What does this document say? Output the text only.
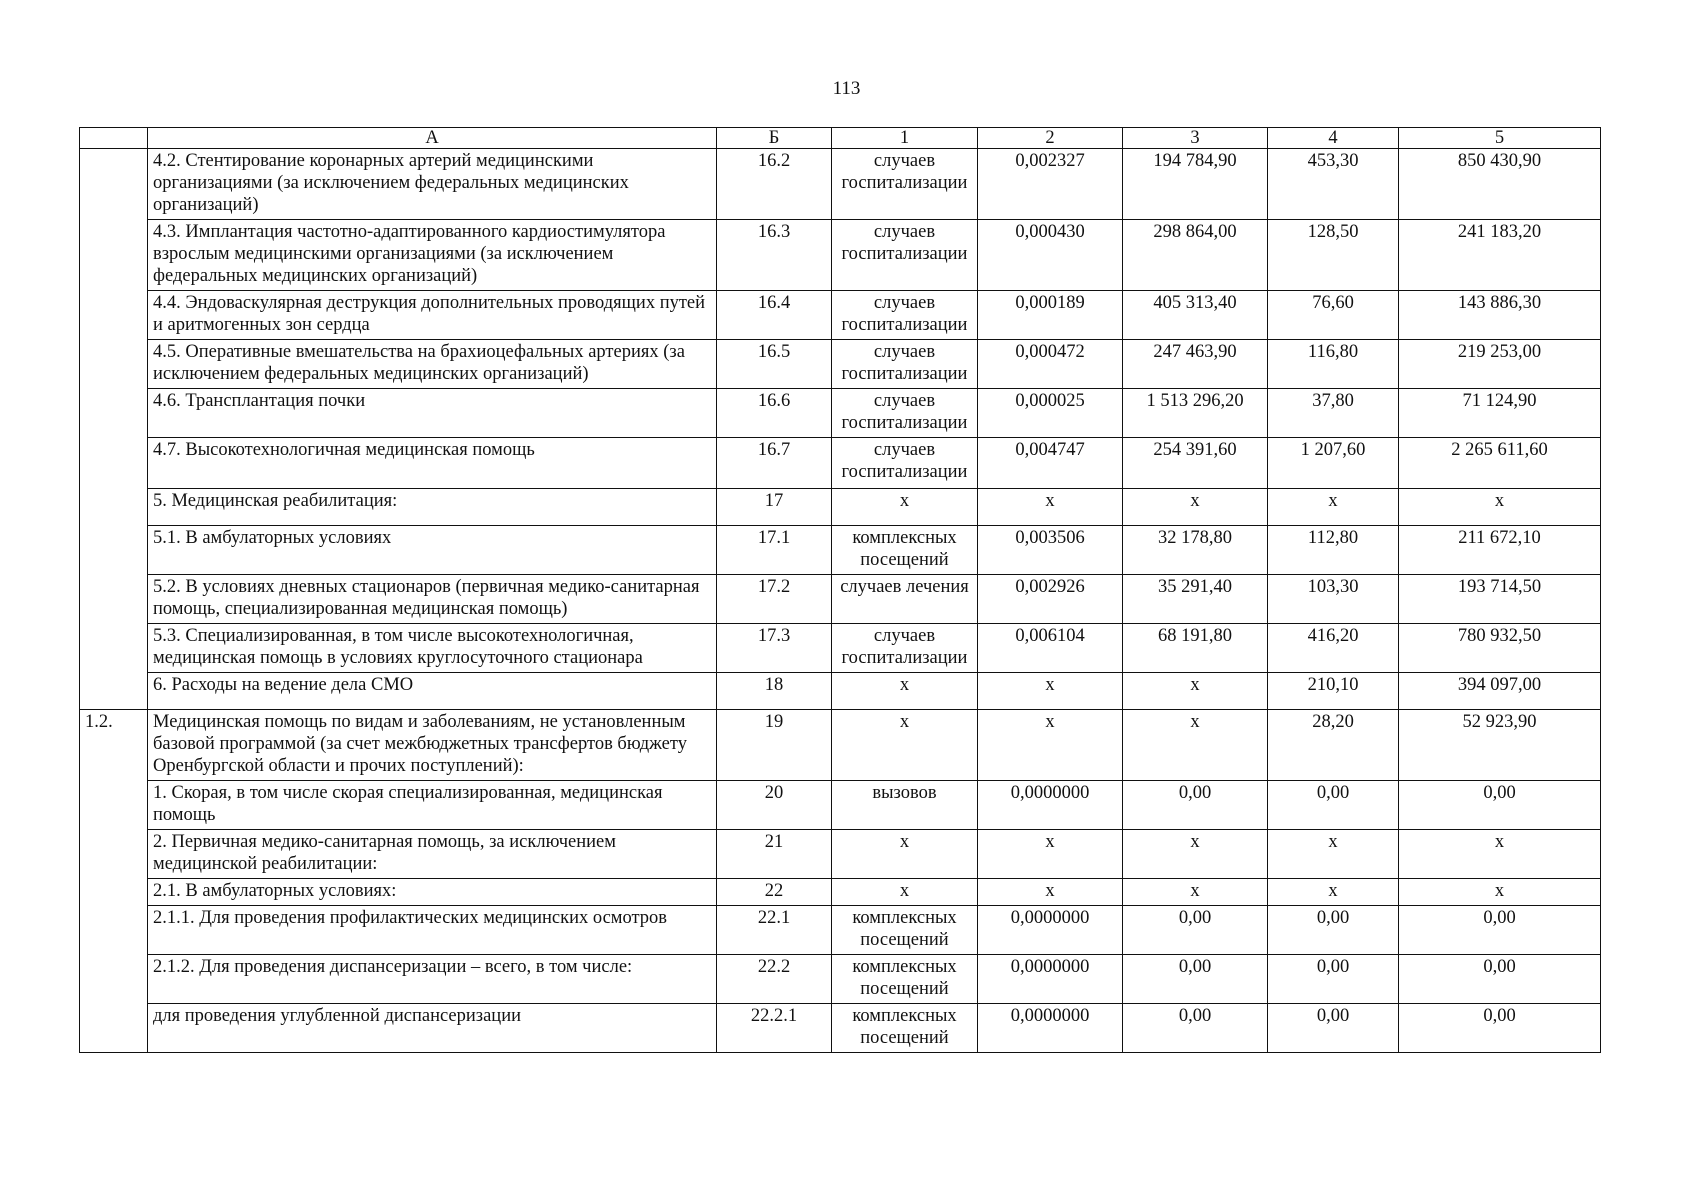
113
	А	Б	1	2	3	4	5
	4.2. Стентирование коронарных артерий медицинскими организациями (за исключением федеральных медицинских организаций)	16.2	случаев госпитализации	0,002327	194 784,90	453,30	850 430,90
	4.3. Имплантация частотно-адаптированного кардиостимулятора взрослым медицинскими организациями (за исключением федеральных медицинских организаций)	16.3	случаев госпитализации	0,000430	298 864,00	128,50	241 183,20
	4.4. Эндоваскулярная деструкция дополнительных проводящих путей и аритмогенных зон сердца	16.4	случаев госпитализации	0,000189	405 313,40	76,60	143 886,30
	4.5. Оперативные вмешательства на брахиоцефальных артериях (за исключением федеральных медицинских организаций)	16.5	случаев госпитализации	0,000472	247 463,90	116,80	219 253,00
	4.6. Трансплантация почки	16.6	случаев госпитализации	0,000025	1 513 296,20	37,80	71 124,90
	4.7. Высокотехнологичная медицинская помощь	16.7	случаев госпитализации	0,004747	254 391,60	1 207,60	2 265 611,60
	5. Медицинская реабилитация:	17	х	х	х	х	х
	5.1. В амбулаторных условиях	17.1	комплексных посещений	0,003506	32 178,80	112,80	211 672,10
	5.2. В условиях дневных стационаров (первичная медико-санитарная помощь, специализированная медицинская помощь)	17.2	случаев лечения	0,002926	35 291,40	103,30	193 714,50
	5.3. Специализированная, в том числе высокотехнологичная, медицинская помощь в условиях круглосуточного стационара	17.3	случаев госпитализации	0,006104	68 191,80	416,20	780 932,50
	6. Расходы на ведение дела СМО	18	х	х	х	210,10	394 097,00
1.2.	Медицинская помощь по видам и заболеваниям, не установленным базовой программой (за счет межбюджетных трансфертов бюджету Оренбургской области и прочих поступлений):	19	х	х	х	28,20	52 923,90
	1. Скорая, в том числе скорая специализированная, медицинская помощь	20	вызовов	0,0000000	0,00	0,00	0,00
	2. Первичная медико-санитарная помощь, за исключением медицинской реабилитации:	21	х	х	х	х	х
	2.1. В амбулаторных условиях:	22	х	х	х	х	х
	2.1.1. Для проведения профилактических медицинских осмотров	22.1	комплексных посещений	0,0000000	0,00	0,00	0,00
	2.1.2. Для проведения диспансеризации – всего, в том числе:	22.2	комплексных посещений	0,0000000	0,00	0,00	0,00
	для проведения углубленной диспансеризации	22.2.1	комплексных посещений	0,0000000	0,00	0,00	0,00
